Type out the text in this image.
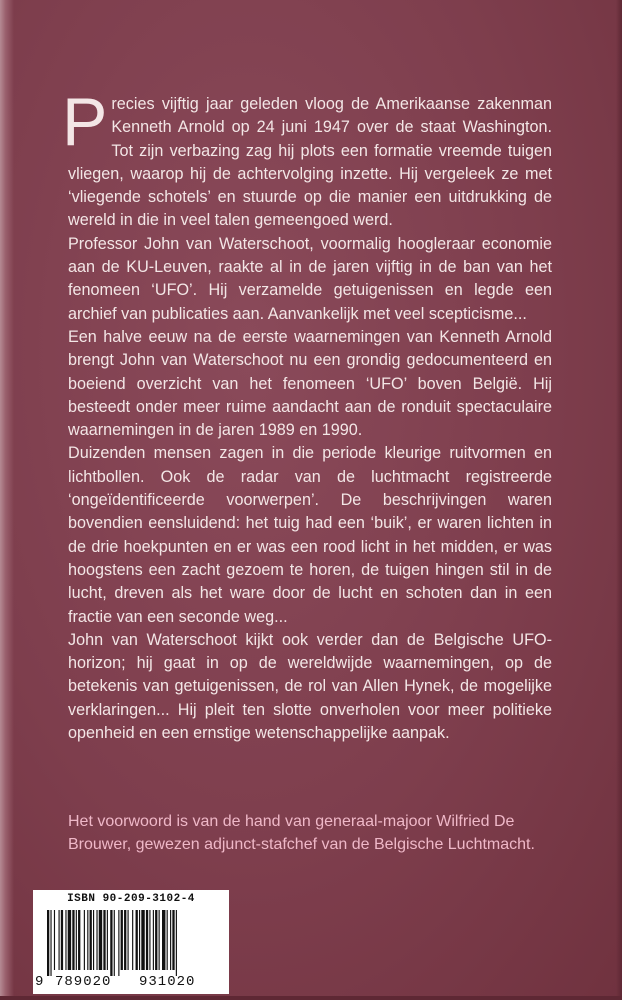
Precies vijftig jaar geleden vloog de Amerikaanse zakenman Kenneth Arnold op 24 juni 1947 over de staat Washington. Tot zijn verbazing zag hij plots een formatie vreemde tuigen vliegen, waarop hij de achtervolging inzette. Hij vergeleek ze met ‘vliegende schotels’ en stuurde op die manier een uitdrukking de wereld in die in veel talen gemeengoed werd.

Professor John van Waterschoot, voormalig hoogleraar economie aan de KU-Leuven, raakte al in de jaren vijftig in de ban van het fenomeen ‘UFO’. Hij verzamelde getuigenissen en legde een archief van publicaties aan. Aanvankelijk met veel scepticisme...

Een halve eeuw na de eerste waarnemingen van Kenneth Arnold brengt John van Waterschoot nu een grondig gedocumenteerd en boeiend overzicht van het fenomeen ‘UFO’ boven België. Hij besteedt onder meer ruime aandacht aan de ronduit spectaculaire waarnemingen in de jaren 1989 en 1990.

Duizenden mensen zagen in die periode kleurige ruitvormen en lichtbollen. Ook de radar van de luchtmacht registreerde ‘ongeïdentificeerde voorwerpen’. De beschrijvingen waren bovendien eensluidend: het tuig had een ‘buik’, er waren lichten in de drie hoekpunten en er was een rood licht in het midden, er was hoogstens een zacht gezoem te horen, de tuigen hingen stil in de lucht, dreven als het ware door de lucht en schoten dan in een fractie van een seconde weg...

John van Waterschoot kijkt ook verder dan de Belgische UFO-horizon; hij gaat in op de wereldwijde waarnemingen, op de betekenis van getuigenissen, de rol van Allen Hynek, de mogelijke verklaringen... Hij pleit ten slotte onverholen voor meer politieke openheid en een ernstige wetenschappelijke aanpak.

Het voorwoord is van de hand van generaal-majoor Wilfried De Brouwer, gewezen adjunct-stafchef van de Belgische Luchtmacht.
ISBN 90-209-3102-4
9 789020	931020
